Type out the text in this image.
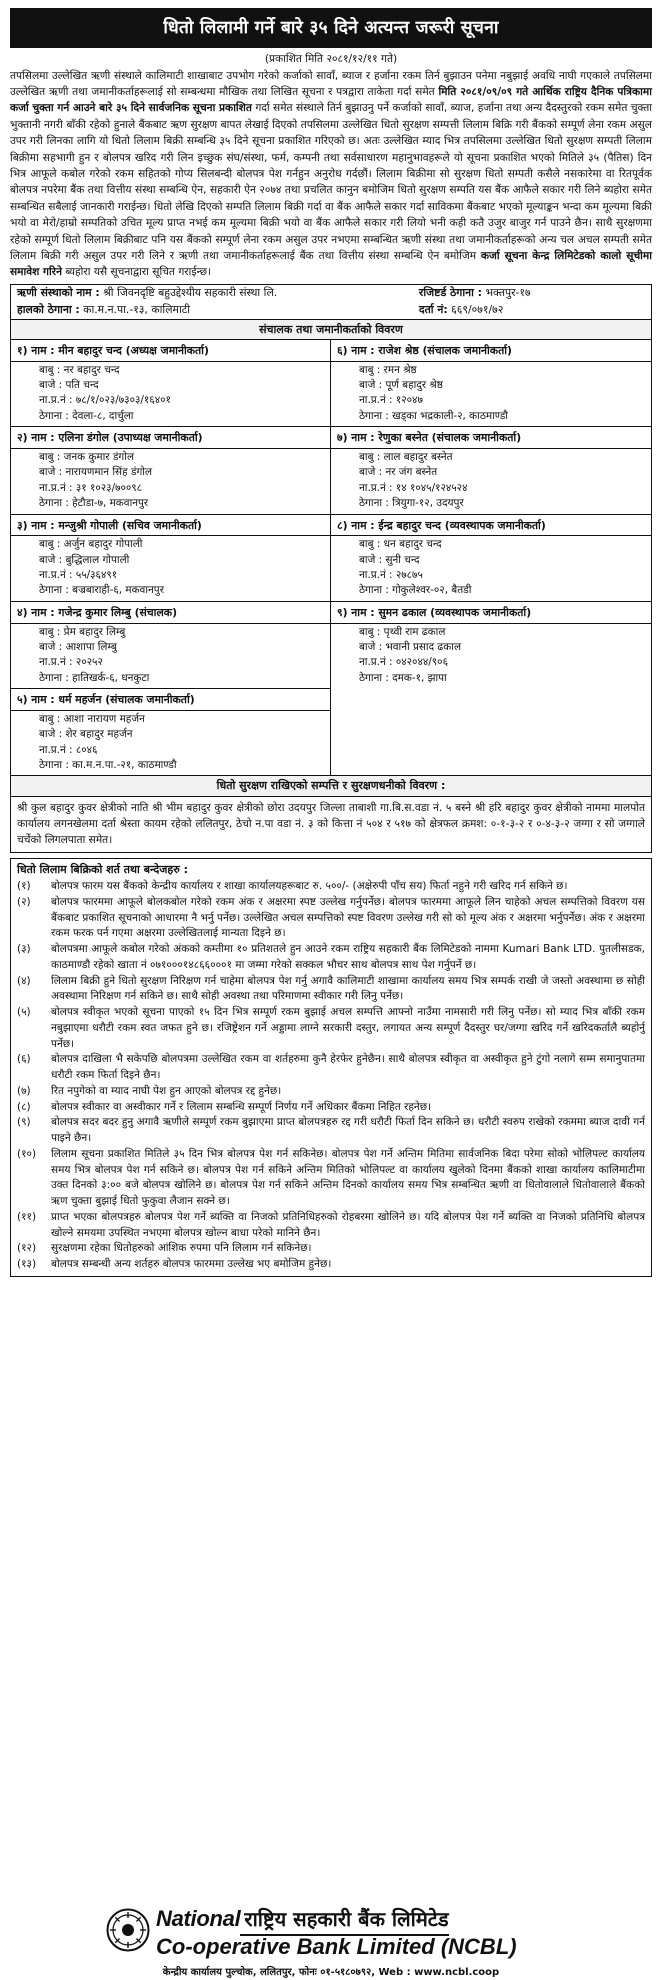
धितो लिलामी गर्ने बारे ३५ दिने अत्यन्त जरूरी सूचना
(प्रकाशित मिति २०८१/१२/११ गते)

तपसिलमा उल्लेखित ऋणी संस्थाले कालिमाटी शाखाबाट उपभोग गरेको कर्जाको सावाँ, ब्याज र हर्जाना रकम तिर्न बुझाउन पनेमा नबुझाई अवधि नाघी गएकाले तपसिलमा उल्लेखित ऋणी तथा जमानीकर्ताहरूलाई सो सम्बन्धमा मौखिक तथा लिखित सूचना र पत्रद्वारा ताकेता गर्दा समेत मिति २०८१/०९/०९ गते आर्थिक राष्ट्रिय दैनिक पत्रिकामा कर्जा चुक्ता गर्न आउने बारे ३५ दिने सार्वजनिक सूचना प्रकाशित गर्दा समेत संस्थाले तिर्न बुझाउनु पर्ने कर्जाको सावाँ, ब्याज, हर्जाना तथा अन्य दैदस्तुरको रकम समेत चुक्ता भुक्तानी नगरी बाँकी रहेको हुनाले बैंकबाट ऋण सुरक्षण बापत लेखाई दिएको तपसिलमा उल्लेखित धितो सुरक्षण सम्पत्ती लिलाम बिक्रि गरी बैंकको सम्पूर्ण लेना रकम असुल उपर गरी लिनका लागि यो धितो लिलाम बिक्री सम्बन्धि ३५ दिने सूचना प्रकाशित गरिएको छ। अतः उल्लेखित म्याद भित्र तपसिलमा उल्लेखित धितो सुरक्षण सम्पती लिलाम बिक्रीमा सहभागी हुन र बोलपत्र खरिद गरी लिन इच्छुक संघ/संस्था, फर्म, कम्पनी तथा सर्वसाधारण महानुभावहरूले यो सूचना प्रकाशित भएको मितिले ३५ (पैतिस) दिन भित्र आफूले कबोल गरेको रकम सहितको गोप्य सिलबन्दी बोलपत्र पेश गर्नहुन अनुरोध गर्दछौं। लिलाम बिक्रीमा सो सुरक्षण धितो सम्पती कसैले नसकारेमा वा रितपूर्वक बोलपत्र नपरेमा बैंक तथा वित्तीय संस्था सम्बन्धि ऐन, सहकारी ऐन २०७४ तथा प्रचलित कानुन बमोजिम धितो सुरक्षण सम्पति यस बैंक आफैले सकार गरी लिने ब्यहोरा समेत सम्बन्धित सबैलाई जानकारी गराईन्छ। धितो लेखि दिएको सम्पति लिलाम बिक्री गर्दा वा बैंक आफैले सकार गर्दा साविकमा बैंकबाट भएको मूल्याङ्कन भन्दा कम मूल्यमा बिक्री भयो वा मेरो/हाम्रो सम्पतिको उचित मूल्य प्राप्त नभई कम मूल्यमा बिक्री भयो वा बैंक आफैले सकार गरी लियो भनी कही कतै उजुर बाजुर गर्न पाउने छैन। साथै सुरक्षणमा रहेको सम्पूर्ण धितो लिलाम बिक्रीबाट पनि यस बैंकको सम्पूर्ण लेना रकम असुल उपर नभएमा सम्बन्धित ऋणी संस्था तथा जमानीकर्ताहरूको अन्य चल अचल सम्पती समेत लिलाम बिक्री गरी असुल उपर गरी लिने र ऋणी तथा जमानीकर्ताहरूलाई बैंक तथा वित्तीय संस्था सम्बन्धि ऐन बमोजिम कर्जा सूचना केन्द्र लिमिटेडको कालो सूचीमा समावेश गरिने ब्यहोरा यसै सूचनाद्वारा सूचित गराईन्छ।

ऋणी संस्थाको नाम : श्री जिवनदृष्टि बहुउद्देश्यीय सहकारी संस्था लि.	रजिष्टर्ड ठेगाना : भक्तपुर-१७
हालको ठेगाना : का.म.न.पा.-१३, कालिमाटी	दर्ता नं: ६६९/०७१/७२
संचालक तथा जमानीकर्ताको विवरण
१) नाम : मीन बहादुर चन्द (अध्यक्ष जमानीकर्ता)
बाबु : नर बहादुर चन्द
बाजे : पति चन्द
ना.प्र.नं : ७८/१/०२३/७३०३/१६४०१
ठेगाना : देवला-८, दार्चुला
६) नाम : राजेश श्रेष्ठ (संचालक जमानीकर्ता)
बाबु : रमन श्रेष्ठ
बाजे : पूर्ण बहादुर श्रेष्ठ
ना.प्र.नं : १२०४७
ठेगाना : खड्का भद्रकाली-२, काठमाण्डौ
२) नाम : एलिना डंगोल (उपाध्यक्ष जमानीकर्ता)
बाबु : जनक कुमार डंगोल
बाजे : नारायणमान सिंह डंगोल
ना.प्र.नं : ३१ १०२३/७००९८
ठेगाना : हेटौडा-७, मकवानपुर
७) नाम : रेणुका बस्नेत (संचालक जमानीकर्ता)
बाबु : लाल बहादुर बस्नेत
बाजे : नर जंग बस्नेत
ना.प्र.नं : १४ १०४५/१२४५२४
ठेगाना : त्रियुगा-१२, उदयपुर
३) नाम : मन्जुश्री गोपाली (सचिव जमानीकर्ता)
बाबु : अर्जुन बहादुर गोपाली
बाजे : बुद्धिलाल गोपाली
ना.प्र.नं : ५५/३६४९१
ठेगाना : बज्रबाराही-६, मकवानपुर
८) नाम : ईन्द्र बहादुर चन्द (व्यवस्थापक जमानीकर्ता)
बाबु : धन बहादुर चन्द
बाजे : सुनी चन्द
ना.प्र.नं : २७८७५
ठेगाना : गोकुलेश्वर-०२, बैतडी
४) नाम : गजेन्द्र कुमार लिम्बु (संचालक)
बाबु : प्रेम बहादुर लिम्बु
बाजे : आशापा लिम्बु
ना.प्र.नं : २०२५२
ठेगाना : हातिखर्क-६, धनकुटा
९) नाम : सुमन ढकाल (व्यवस्थापक जमानीकर्ता)
बाबु : पृथ्वी राम ढकाल
बाजे : भवानी प्रसाद ढकाल
ना.प्र.नं : ०४२०४४/९०६
ठेगाना : दमक-१, झापा
५) नाम : धर्म महर्जन (संचालक जमानीकर्ता)
बाबु : आशा नारायण महर्जन
बाजे : शेर बहादुर महर्जन
ना.प्र.नं : ८०४६
ठेगाना : का.म.न.पा.-२१, काठमाण्डौ
धितो सुरक्षण राखिएको सम्पत्ति र सुरक्षणधनीको विवरण :
श्री कुल बहादुर कुवर क्षेत्रीको नाति श्री भीम बहादुर कुवर क्षेत्रीको छोरा उदयपुर जिल्ला ताबाशी गा.बि.स.वडा नं. ५ बस्ने श्री हरि बहादुर कुवर क्षेत्रीको नाममा मालपोत कार्यालय लगनखेलमा दर्ता श्रेस्ता कायम रहेको ललितपुर, ठेचो न.पा वडा नं. ३ को कित्ता नं ५०४ र ५१७ को क्षेत्रफल क्रमश: ०-१-३-२ र ०-४-३-२ जग्गा र सो जग्गाले चर्चेको लिगलपाता समेत।
धितो लिलाम बिक्रिको शर्त तथा बन्देजहरु :
(१)	बोलपत्र फारम यस बैंकको केन्द्रीय कार्यालय र शाखा कार्यालयहरूबाट रु. ५००/- (अक्षेरुपी पाँच सय) फिर्ता नहुने गरी खरिद गर्न सकिने छ।
(२)	बोलपत्र फारममा आफूले बोलकबोल गरेको रकम अंक र अक्षरमा स्पष्ट उल्लेख गर्नुपर्नेछ। बोलपत्र फारममा आफूले लिन चाहेको अचल सम्पत्तिको विवरण यस बैंकबाट प्रकाशित सूचनाको आधारमा नै भर्नु पर्नेछ। उल्लेखित अचल सम्पत्तिको स्पष्ट विवरण उल्लेख गरी सो को मूल्य अंक र अक्षरमा भर्नुपर्नेछ। अंक र अक्षरमा रकम फरक पर्न गएमा अक्षरमा उल्लेखितलाई मान्यता दिइने छ।
(३)	बोलपत्रमा आफूले कबोल गरेको अंकको कम्तीमा १० प्रतिशतले हुन आउने रकम राष्ट्रिय सहकारी बैंक लिमिटेडको नाममा Kumari Bank LTD. पुतलीसडक, काठमाण्डौ रहेको खाता नं ०७१०००१४८६६०००१ मा जम्मा गरेको सक्कल भौचर साथ बोलपत्र साथ पेश गर्नुपर्ने छ।
(४)	लिलाम बिक्री हुने धितो सुरक्षण निरिक्षण गर्न चाहेमा बोलपत्र पेश गर्नु अगावै कालिमाटी शाखामा कार्यालय समय भित्र सम्पर्क राखी जे जस्तो अवस्थामा छ सोही अवस्थामा निरिक्षण गर्न सकिने छ। साथै सोही अवस्था तथा परिमाणमा स्वीकार गरी लिनु पर्नेछ।
(५)	बोलपत्र स्वीकृत भएको सूचना पाएको १५ दिन भित्र सम्पूर्ण रकम बुझाई अचल सम्पत्ति आफ्नो नाउँमा नामसारी गरी लिनु पर्नेछ। सो म्याद भित्र बाँकी रकम नबुझाएमा धरौटी रकम स्वत जफत हुने छ। रजिष्ट्रेशन गर्ने अड्डामा लाग्ने सरकारी दस्तुर, लगायत अन्य सम्पूर्ण दैदस्तुर घर/जग्गा खरिद गर्ने खरिदकर्तालै ब्यहोर्नु पर्नेछ।
(६)	बोलपत्र दाखिला भै सकेपछि बोलपत्रमा उल्लेखित रकम वा शर्तहरुमा कुनै हेरफेर हुनेछैन। साथै बोलपत्र स्वीकृत वा अस्वीकृत हुने टुंगो नलागे सम्म समानुपातमा धरौटी रकम फिर्ता दिइने छैन।
(७)	रित नपुगेको वा म्याद नाघी पेश हुन आएको बोलपत्र रद्द हुनेछ।
(८)	बोलपत्र स्वीकार वा अस्वीकार गर्ने र लिलाम सम्बन्धि सम्पूर्ण निर्णय गर्ने अधिकार बैंकमा निहित रहनेछ।
(९)	बोलपत्र सदर बदर हुनु अगावै ऋणीले सम्पूर्ण रकम बुझाएमा प्राप्त बोलपत्रहरु रद्द गरी धरौटी फिर्ता दिन सकिने छ। धरौटी स्वरुप राखेको रकममा ब्याज दावी गर्न पाइने छैन।
(१०)	लिलाम सूचना प्रकाशित मितिले ३५ दिन भित्र बोलपत्र पेश गर्न सकिनेछ। बोलपत्र पेश गर्ने अन्तिम मितिमा सार्वजनिक बिदा परेमा सोको भोलिपल्ट कार्यालय समय भित्र बोलपत्र पेश गर्न सकिने छ। बोलपत्र पेश गर्न सकिने अन्तिम मितिको भोलिपल्ट वा कार्यालय खुलेको दिनमा बैंकको शाखा कार्यालय कालिमाटीमा उक्त दिनको ३:०० बजे बोलपत्र खोलिने छ। बोलपत्र पेश गर्न सकिने अन्तिम दिनको कार्यालय समय भित्र सम्बन्धित ऋणी वा धितोवालाले धितोवालाले बैंकको ऋण चुक्ता बुझाई धितो फुकुवा लैजान सक्ने छ।
(११)	प्राप्त भएका बोलपत्रहरु बोलपत्र पेश गर्ने ब्यक्ति वा निजको प्रतिनिधिहरुको रोहबरमा खोलिने छ। यदि बोलपत्र पेश गर्ने ब्यक्ति वा निजको प्रतिनिधि बोलपत्र खोल्ने समयमा उपस्थित नभएमा बोलपत्र खोल्न बाधा परेको मानिने छैन।
(१२)	सुरक्षणमा रहेका धितोहरुको आंशिक रुपमा पनि लिलाम गर्न सकिनेछ।
(१३)	बोलपत्र सम्बन्धी अन्य शर्तहरु बोलपत्र फारममा उल्लेख भए बमोजिम हुनेछ।
National राष्ट्रिय सहकारी बैंक लिमिटेड
Co-operative Bank Limited (NCBL)
केन्द्रीय कार्यालय पुल्चोक, ललितपुर, फोनः ०१-५१८०७९२, Web : www.ncbl.coop
